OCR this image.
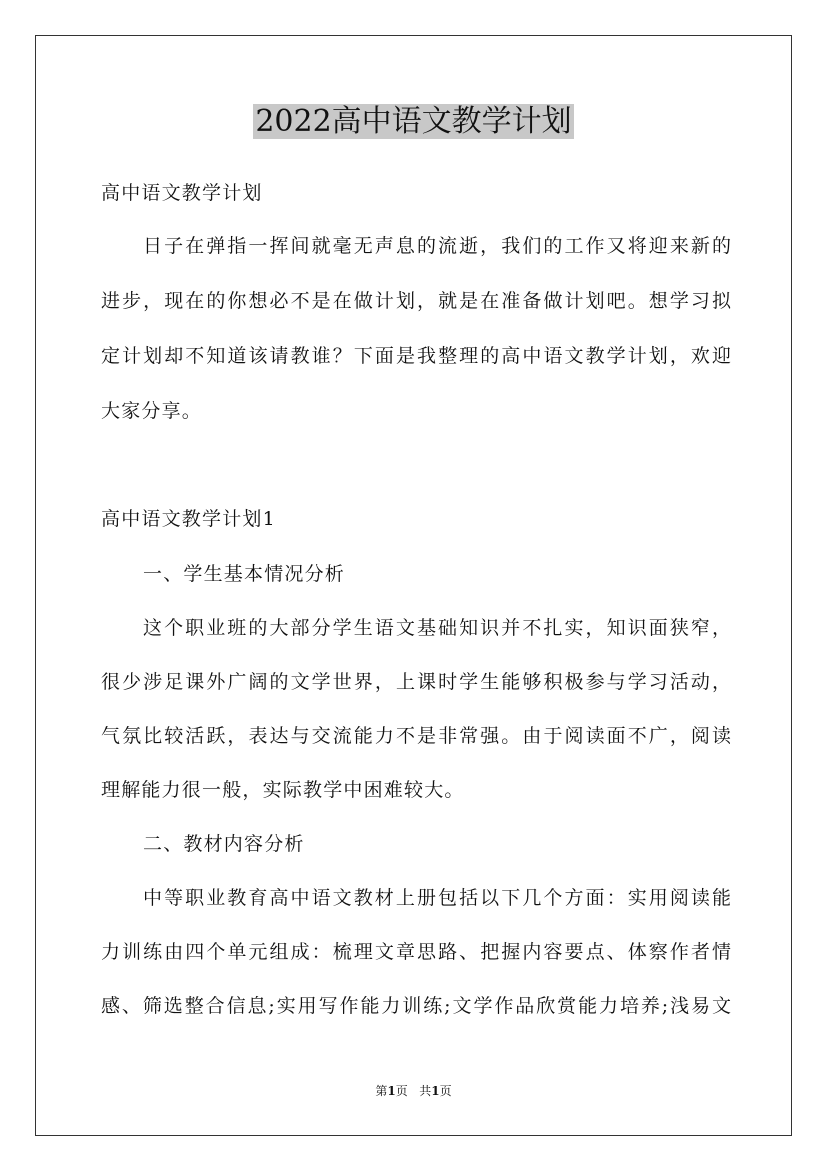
2022高中语文教学计划
高中语文教学计划
日子在弹指一挥间就毫无声息的流逝，我们的工作又将迎来新的
进步，现在的你想必不是在做计划，就是在准备做计划吧。想学习拟
定计划却不知道该请教谁？下面是我整理的高中语文教学计划，欢迎
大家分享。
高中语文教学计划1
一、学生基本情况分析
这个职业班的大部分学生语文基础知识并不扎实，知识面狭窄，
很少涉足课外广阔的文学世界，上课时学生能够积极参与学习活动，
气氛比较活跃，表达与交流能力不是非常强。由于阅读面不广，阅读
理解能力很一般，实际教学中困难较大。
二、教材内容分析
中等职业教育高中语文教材上册包括以下几个方面：实用阅读能
力训练由四个单元组成：梳理文章思路、把握内容要点、体察作者情
感、筛选整合信息;实用写作能力训练;文学作品欣赏能力培养;浅易文
第1页 共1页
